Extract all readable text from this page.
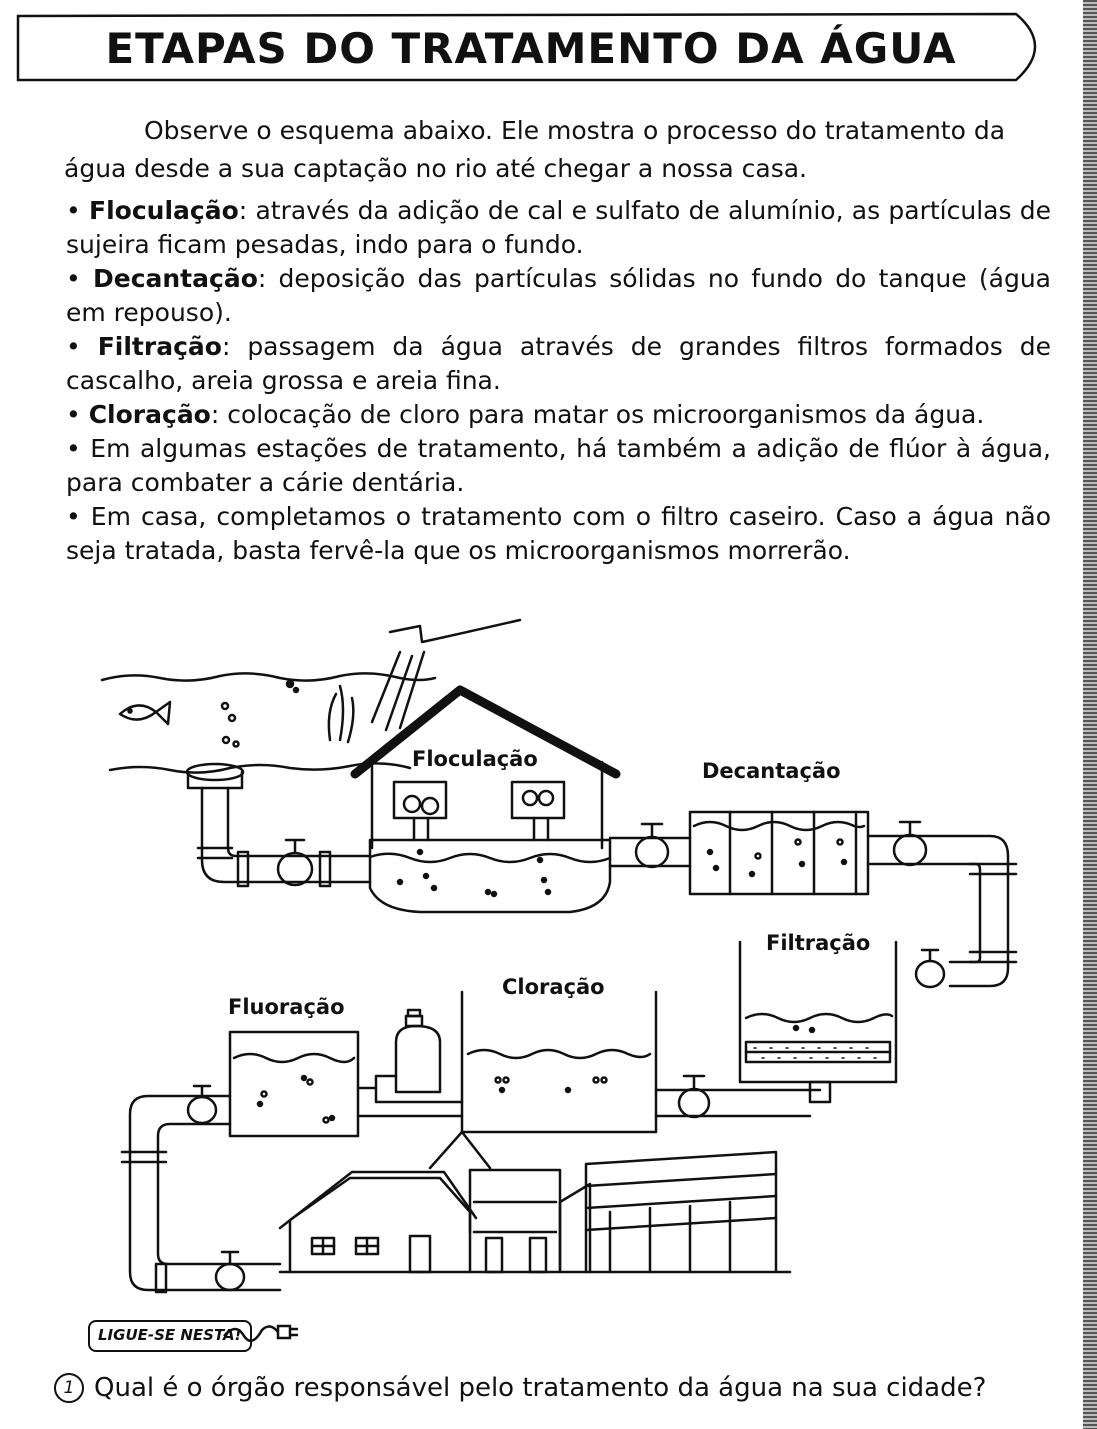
ETAPAS DO TRATAMENTO DA ÁGUA

Observe o esquema abaixo. Ele mostra o processo do tratamento da água desde a sua captação no rio até chegar a nossa casa.

• Floculação: através da adição de cal e sulfato de alumínio, as partículas de sujeira ficam pesadas, indo para o fundo.
• Decantação: deposição das partículas sólidas no fundo do tanque (água em repouso).
• Filtração: passagem da água através de grandes filtros formados de cascalho, areia grossa e areia fina.
• Cloração: colocação de cloro para matar os microorganismos da água.
• Em algumas estações de tratamento, há também a adição de flúor à água, para combater a cárie dentária.
• Em casa, completamos o tratamento com o filtro caseiro. Caso a água não seja tratada, basta fervê-la que os microorganismos morrerão.
Floculação	Decantação
Filtração
Cloração
Fluoração
LIGUE-SE NESTA!
1 Qual é o órgão responsável pelo tratamento da água na sua cidade?
